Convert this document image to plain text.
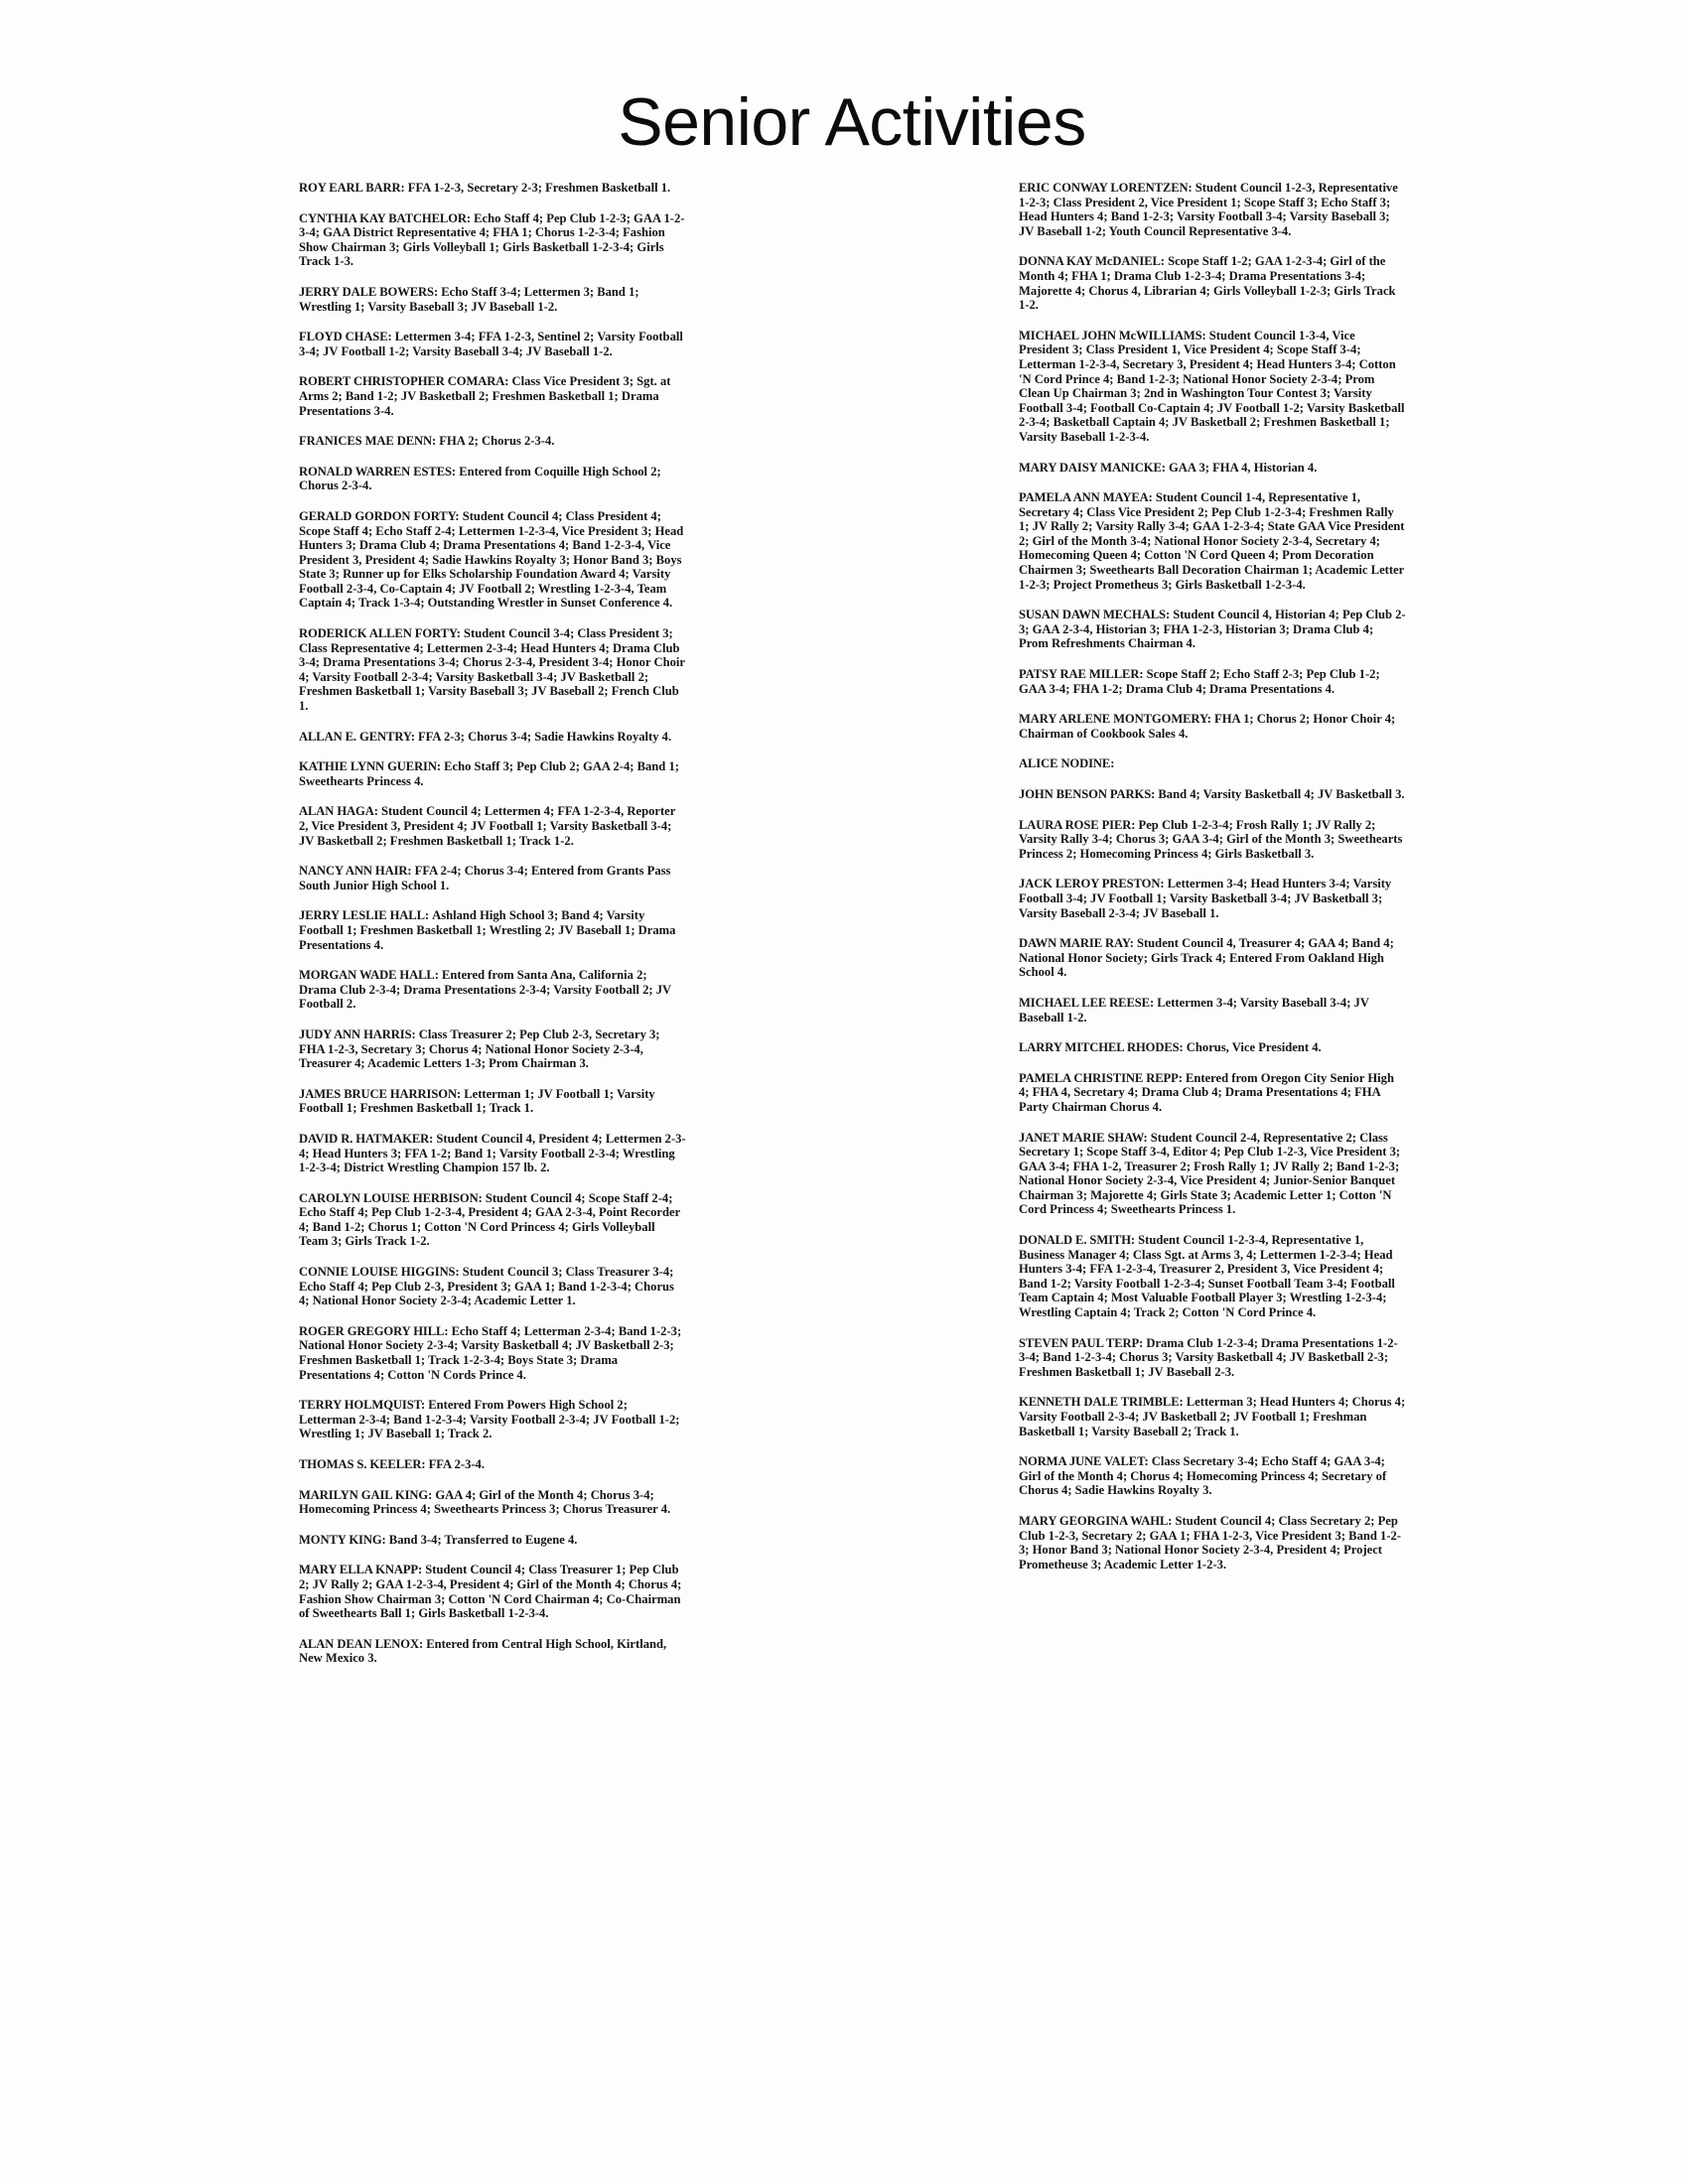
Senior Activities

ROY EARL BARR: FFA 1-2-3, Secretary 2-3; Freshmen Basketball 1.

CYNTHIA KAY BATCHELOR: Echo Staff 4; Pep Club 1-2-3; GAA 1-2-3-4; GAA District Representative 4; FHA 1; Chorus 1-2-3-4; Fashion Show Chairman 3; Girls Volleyball 1; Girls Basketball 1-2-3-4; Girls Track 1-3.

JERRY DALE BOWERS: Echo Staff 3-4; Lettermen 3; Band 1; Wrestling 1; Varsity Baseball 3; JV Baseball 1-2.

FLOYD CHASE: Lettermen 3-4; FFA 1-2-3, Sentinel 2; Varsity Football 3-4; JV Football 1-2; Varsity Baseball 3-4; JV Baseball 1-2.

ROBERT CHRISTOPHER COMARA: Class Vice President 3; Sgt. at Arms 2; Band 1-2; JV Basketball 2; Freshmen Basketball 1; Drama Presentations 3-4.

FRANICES MAE DENN: FHA 2; Chorus 2-3-4.

RONALD WARREN ESTES: Entered from Coquille High School 2; Chorus 2-3-4.

GERALD GORDON FORTY: Student Council 4; Class President 4; Scope Staff 4; Echo Staff 2-4; Lettermen 1-2-3-4, Vice President 3; Head Hunters 3; Drama Club 4; Drama Presentations 4; Band 1-2-3-4, Vice President 3, President 4; Sadie Hawkins Royalty 3; Honor Band 3; Boys State 3; Runner up for Elks Scholarship Foundation Award 4; Varsity Football 2-3-4, Co-Captain 4; JV Football 2; Wrestling 1-2-3-4, Team Captain 4; Track 1-3-4; Outstanding Wrestler in Sunset Conference 4.

RODERICK ALLEN FORTY: Student Council 3-4; Class President 3; Class Representative 4; Lettermen 2-3-4; Head Hunters 4; Drama Club 3-4; Drama Presentations 3-4; Chorus 2-3-4, President 3-4; Honor Choir 4; Varsity Football 2-3-4; Varsity Basketball 3-4; JV Basketball 2; Freshmen Basketball 1; Varsity Baseball 3; JV Baseball 2; French Club 1.

ALLAN E. GENTRY: FFA 2-3; Chorus 3-4; Sadie Hawkins Royalty 4.

KATHIE LYNN GUERIN: Echo Staff 3; Pep Club 2; GAA 2-4; Band 1; Sweethearts Princess 4.

ALAN HAGA: Student Council 4; Lettermen 4; FFA 1-2-3-4, Reporter 2, Vice President 3, President 4; JV Football 1; Varsity Basketball 3-4; JV Basketball 2; Freshmen Basketball 1; Track 1-2.

NANCY ANN HAIR: FFA 2-4; Chorus 3-4; Entered from Grants Pass South Junior High School 1.

JERRY LESLIE HALL: Ashland High School 3; Band 4; Varsity Football 1; Freshmen Basketball 1; Wrestling 2; JV Baseball 1; Drama Presentations 4.

MORGAN WADE HALL: Entered from Santa Ana, California 2; Drama Club 2-3-4; Drama Presentations 2-3-4; Varsity Football 2; JV Football 2.

JUDY ANN HARRIS: Class Treasurer 2; Pep Club 2-3, Secretary 3; FHA 1-2-3, Secretary 3; Chorus 4; National Honor Society 2-3-4, Treasurer 4; Academic Letters 1-3; Prom Chairman 3.

JAMES BRUCE HARRISON: Letterman 1; JV Football 1; Varsity Football 1; Freshmen Basketball 1; Track 1.

DAVID R. HATMAKER: Student Council 4, President 4; Lettermen 2-3-4; Head Hunters 3; FFA 1-2; Band 1; Varsity Football 2-3-4; Wrestling 1-2-3-4; District Wrestling Champion 157 lb. 2.

CAROLYN LOUISE HERBISON: Student Council 4; Scope Staff 2-4; Echo Staff 4; Pep Club 1-2-3-4, President 4; GAA 2-3-4, Point Recorder 4; Band 1-2; Chorus 1; Cotton 'N Cord Princess 4; Girls Volleyball Team 3; Girls Track 1-2.

CONNIE LOUISE HIGGINS: Student Council 3; Class Treasurer 3-4; Echo Staff 4; Pep Club 2-3, President 3; GAA 1; Band 1-2-3-4; Chorus 4; National Honor Society 2-3-4; Academic Letter 1.

ROGER GREGORY HILL: Echo Staff 4; Letterman 2-3-4; Band 1-2-3; National Honor Society 2-3-4; Varsity Basketball 4; JV Basketball 2-3; Freshmen Basketball 1; Track 1-2-3-4; Boys State 3; Drama Presentations 4; Cotton 'N Cords Prince 4.

TERRY HOLMQUIST: Entered From Powers High School 2; Letterman 2-3-4; Band 1-2-3-4; Varsity Football 2-3-4; JV Football 1-2; Wrestling 1; JV Baseball 1; Track 2.

THOMAS S. KEELER: FFA 2-3-4.

MARILYN GAIL KING: GAA 4; Girl of the Month 4; Chorus 3-4; Homecoming Princess 4; Sweethearts Princess 3; Chorus Treasurer 4.

MONTY KING: Band 3-4; Transferred to Eugene 4.

MARY ELLA KNAPP: Student Council 4; Class Treasurer 1; Pep Club 2; JV Rally 2; GAA 1-2-3-4, President 4; Girl of the Month 4; Chorus 4; Fashion Show Chairman 3; Cotton 'N Cord Chairman 4; Co-Chairman of Sweethearts Ball 1; Girls Basketball 1-2-3-4.

ALAN DEAN LENOX: Entered from Central High School, Kirtland, New Mexico 3.

ERIC CONWAY LORENTZEN: Student Council 1-2-3, Representative 1-2-3; Class President 2, Vice President 1; Scope Staff 3; Echo Staff 3; Head Hunters 4; Band 1-2-3; Varsity Football 3-4; Varsity Baseball 3; JV Baseball 1-2; Youth Council Representative 3-4.

DONNA KAY McDANIEL: Scope Staff 1-2; GAA 1-2-3-4; Girl of the Month 4; FHA 1; Drama Club 1-2-3-4; Drama Presentations 3-4; Majorette 4; Chorus 4, Librarian 4; Girls Volleyball 1-2-3; Girls Track 1-2.

MICHAEL JOHN McWILLIAMS: Student Council 1-3-4, Vice President 3; Class President 1, Vice President 4; Scope Staff 3-4; Letterman 1-2-3-4, Secretary 3, President 4; Head Hunters 3-4; Cotton 'N Cord Prince 4; Band 1-2-3; National Honor Society 2-3-4; Prom Clean Up Chairman 3; 2nd in Washington Tour Contest 3; Varsity Football 3-4; Football Co-Captain 4; JV Football 1-2; Varsity Basketball 2-3-4; Basketball Captain 4; JV Basketball 2; Freshmen Basketball 1; Varsity Baseball 1-2-3-4.

MARY DAISY MANICKE: GAA 3; FHA 4, Historian 4.

PAMELA ANN MAYEA: Student Council 1-4, Representative 1, Secretary 4; Class Vice President 2; Pep Club 1-2-3-4; Freshmen Rally 1; JV Rally 2; Varsity Rally 3-4; GAA 1-2-3-4; State GAA Vice President 2; Girl of the Month 3-4; National Honor Society 2-3-4, Secretary 4; Homecoming Queen 4; Cotton 'N Cord Queen 4; Prom Decoration Chairmen 3; Sweethearts Ball Decoration Chairman 1; Academic Letter 1-2-3; Project Prometheus 3; Girls Basketball 1-2-3-4.

SUSAN DAWN MECHALS: Student Council 4, Historian 4; Pep Club 2-3; GAA 2-3-4, Historian 3; FHA 1-2-3, Historian 3; Drama Club 4; Prom Refreshments Chairman 4.

PATSY RAE MILLER: Scope Staff 2; Echo Staff 2-3; Pep Club 1-2; GAA 3-4; FHA 1-2; Drama Club 4; Drama Presentations 4.

MARY ARLENE MONTGOMERY: FHA 1; Chorus 2; Honor Choir 4; Chairman of Cookbook Sales 4.

ALICE NODINE:

JOHN BENSON PARKS: Band 4; Varsity Basketball 4; JV Basketball 3.

LAURA ROSE PIER: Pep Club 1-2-3-4; Frosh Rally 1; JV Rally 2; Varsity Rally 3-4; Chorus 3; GAA 3-4; Girl of the Month 3; Sweethearts Princess 2; Homecoming Princess 4; Girls Basketball 3.

JACK LEROY PRESTON: Lettermen 3-4; Head Hunters 3-4; Varsity Football 3-4; JV Football 1; Varsity Basketball 3-4; JV Basketball 3; Varsity Baseball 2-3-4; JV Baseball 1.

DAWN MARIE RAY: Student Council 4, Treasurer 4; GAA 4; Band 4; National Honor Society; Girls Track 4; Entered From Oakland High School 4.

MICHAEL LEE REESE: Lettermen 3-4; Varsity Baseball 3-4; JV Baseball 1-2.

LARRY MITCHEL RHODES: Chorus, Vice President 4.

PAMELA CHRISTINE REPP: Entered from Oregon City Senior High 4; FHA 4, Secretary 4; Drama Club 4; Drama Presentations 4; FHA Party Chairman Chorus 4.

JANET MARIE SHAW: Student Council 2-4, Representative 2; Class Secretary 1; Scope Staff 3-4, Editor 4; Pep Club 1-2-3, Vice President 3; GAA 3-4; FHA 1-2, Treasurer 2; Frosh Rally 1; JV Rally 2; Band 1-2-3; National Honor Society 2-3-4, Vice President 4; Junior-Senior Banquet Chairman 3; Majorette 4; Girls State 3; Academic Letter 1; Cotton 'N Cord Princess 4; Sweethearts Princess 1.

DONALD E. SMITH: Student Council 1-2-3-4, Representative 1, Business Manager 4; Class Sgt. at Arms 3, 4; Lettermen 1-2-3-4; Head Hunters 3-4; FFA 1-2-3-4, Treasurer 2, President 3, Vice President 4; Band 1-2; Varsity Football 1-2-3-4; Sunset Football Team 3-4; Football Team Captain 4; Most Valuable Football Player 3; Wrestling 1-2-3-4; Wrestling Captain 4; Track 2; Cotton 'N Cord Prince 4.

STEVEN PAUL TERP: Drama Club 1-2-3-4; Drama Presentations 1-2-3-4; Band 1-2-3-4; Chorus 3; Varsity Basketball 4; JV Basketball 2-3; Freshmen Basketball 1; JV Baseball 2-3.

KENNETH DALE TRIMBLE: Letterman 3; Head Hunters 4; Chorus 4; Varsity Football 2-3-4; JV Basketball 2; JV Football 1; Freshman Basketball 1; Varsity Baseball 2; Track 1.

NORMA JUNE VALET: Class Secretary 3-4; Echo Staff 4; GAA 3-4; Girl of the Month 4; Chorus 4; Homecoming Princess 4; Secretary of Chorus 4; Sadie Hawkins Royalty 3.

MARY GEORGINA WAHL: Student Council 4; Class Secretary 2; Pep Club 1-2-3, Secretary 2; GAA 1; FHA 1-2-3, Vice President 3; Band 1-2-3; Honor Band 3; National Honor Society 2-3-4, President 4; Project Prometheuse 3; Academic Letter 1-2-3.
